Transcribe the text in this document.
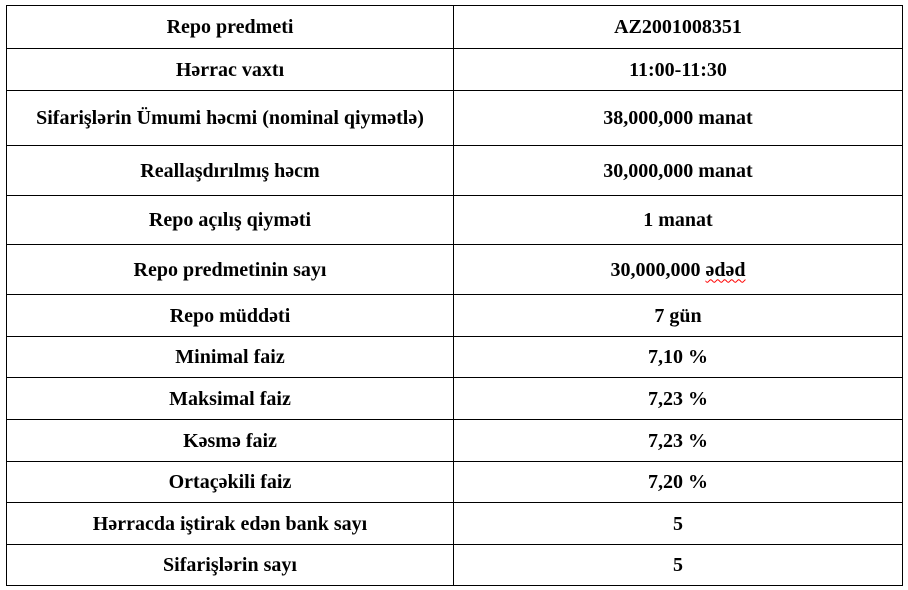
Repo predmeti	AZ2001008351
Hərrac vaxtı	11:00-11:30
Sifarişlərin Ümumi həcmi (nominal qiymətlə)	38,000,000 manat
Reallaşdırılmış həcm	30,000,000 manat
Repo açılış qiyməti	1 manat
Repo predmetinin sayı	30,000,000 ədəd
Repo müddəti	7 gün
Minimal faiz	7,10 %
Maksimal faiz	7,23 %
Kəsmə faiz	7,23 %
Ortaçəkili faiz	7,20 %
Hərracda iştirak edən bank sayı	5
Sifarişlərin sayı	5
